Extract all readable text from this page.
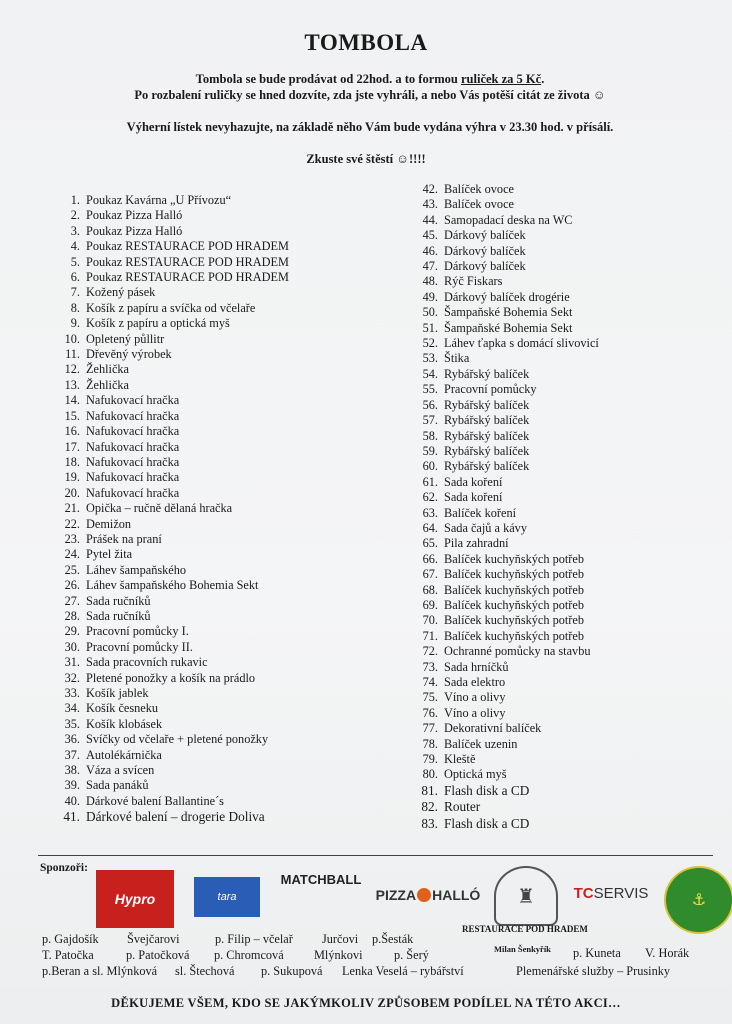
TOMBOLA
Tombola se bude prodávat od 22hod. a to formou ruliček za 5 Kč.
Po rozbalení ruličky se hned dozvíte, zda jste vyhráli, a nebo Vás potěší citát ze života ☺
Výherní lístek nevyhazujte, na základě něho Vám bude vydána výhra v 23.30 hod. v přísálí.
Zkuste své štěstí ☺!!!!
1. Poukaz Kavárna „U Přívozu“
2. Poukaz Pizza Halló
3. Poukaz Pizza Halló
4. Poukaz RESTAURACE POD HRADEM
5. Poukaz RESTAURACE POD HRADEM
6. Poukaz RESTAURACE POD HRADEM
7. Kožený pásek
8. Košík z papíru a svíčka od včelaře
9. Košík z papíru a optická myš
10. Opletený půllitr
11. Dřevěný výrobek
12. Žehlička
13. Žehlička
14. Nafukovací hračka
15. Nafukovací hračka
16. Nafukovací hračka
17. Nafukovací hračka
18. Nafukovací hračka
19. Nafukovací hračka
20. Nafukovací hračka
21. Opička – ručně dělaná hračka
22. Demižon
23. Prášek na praní
24. Pytel žita
25. Láhev šampaňského
26. Láhev šampaňského Bohemia Sekt
27. Sada ručníků
28. Sada ručníků
29. Pracovní pomůcky I.
30. Pracovní pomůcky II.
31. Sada pracovních rukavic
32. Pletené ponožky a košík na prádlo
33. Košík jablek
34. Košík česneku
35. Košík klobásek
36. Svíčky od včelaře + pletené ponožky
37. Autolékárnička
38. Váza a svícen
39. Sada panáků
40. Dárkové balení Ballantine´s
41. Dárkové balení – drogerie Doliva
42. Balíček ovoce
43. Balíček ovoce
44. Samopadací deska na WC
45. Dárkový balíček
46. Dárkový balíček
47. Dárkový balíček
48. Rýč Fiskars
49. Dárkový balíček drogérie
50. Šampaňské Bohemia Sekt
51. Šampaňské Bohemia Sekt
52. Láhev ťapka s domácí slivovicí
53. Štika
54. Rybářský balíček
55. Pracovní pomůcky
56. Rybářský balíček
57. Rybářský balíček
58. Rybářský balíček
59. Rybářský balíček
60. Rybářský balíček
61. Sada koření
62. Sada koření
63. Balíček koření
64. Sada čajů a kávy
65. Pila zahradní
66. Balíček kuchyňských potřeb
67. Balíček kuchyňských potřeb
68. Balíček kuchyňských potřeb
69. Balíček kuchyňských potřeb
70. Balíček kuchyňských potřeb
71. Balíček kuchyňských potřeb
72. Ochranné pomůcky na stavbu
73. Sada hrníčků
74. Sada elektro
75. Víno a olivy
76. Víno a olivy
77. Dekorativní balíček
78. Balíček uzenin
79. Kleště
80. Optická myš
81. Flash disk a CD
82. Router
83. Flash disk a CD
Sponzoři:
Hypro	tara
MATCHBALL
PIZZA HALLÓ	♜
RESTAURACE POD HRADEM
TC SERVIS	⚓
p. Gajdošík Švejčarovi	p. Filip – včelař Jurčovi p.Šesták
Milan Šenkyřík
T. Patočka	p. Patočková p. Chromcová Mlýnkovi	p. Šerý	p. Kuneta V. Horák
p.Beran a sl. Mlýnková sl. Štechová p. Sukupová Lenka Veselá – rybářství	Plemenářské služby – Prusinky
DĚKUJEME VŠEM, KDO SE JAKÝMKOLIV ZPŮSOBEM PODÍLEL NA TÉTO AKCI…
